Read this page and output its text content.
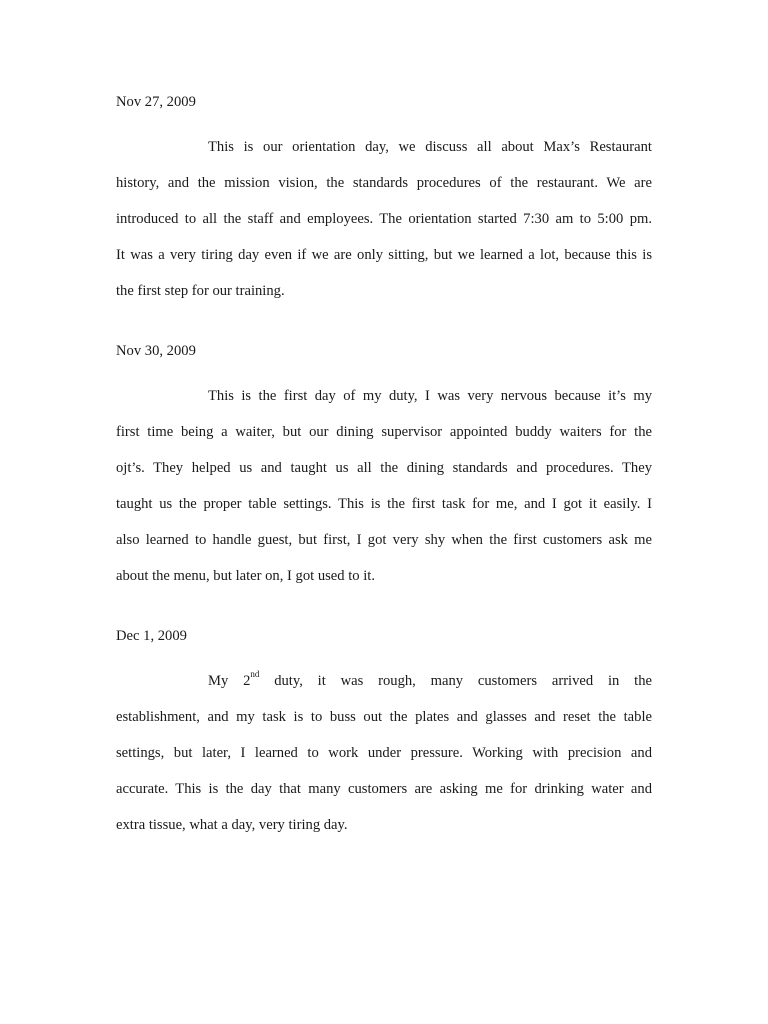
Nov 27, 2009

This is our orientation day, we discuss all about Max’s Restaurant
history, and the mission vision, the standards procedures of the restaurant. We are
introduced to all the staff and employees. The orientation started 7:30 am to 5:00 pm.
It was a very tiring day even if we are only sitting, but we learned a lot, because this is
the first step for our training.

Nov 30, 2009

This is the first day of my duty, I was very nervous because it’s my
first time being a waiter, but our dining supervisor appointed buddy waiters for the
ojt’s. They helped us and taught us all the dining standards and procedures. They
taught us the proper table settings. This is the first task for me, and I got it easily. I
also learned to handle guest, but first, I got very shy when the first customers ask me
about the menu, but later on, I got used to it.

Dec 1, 2009

My 2nd duty, it was rough, many customers arrived in the
establishment, and my task is to buss out the plates and glasses and reset the table
settings, but later, I learned to work under pressure. Working with precision and
accurate. This is the day that many customers are asking me for drinking water and
extra tissue, what a day, very tiring day.
